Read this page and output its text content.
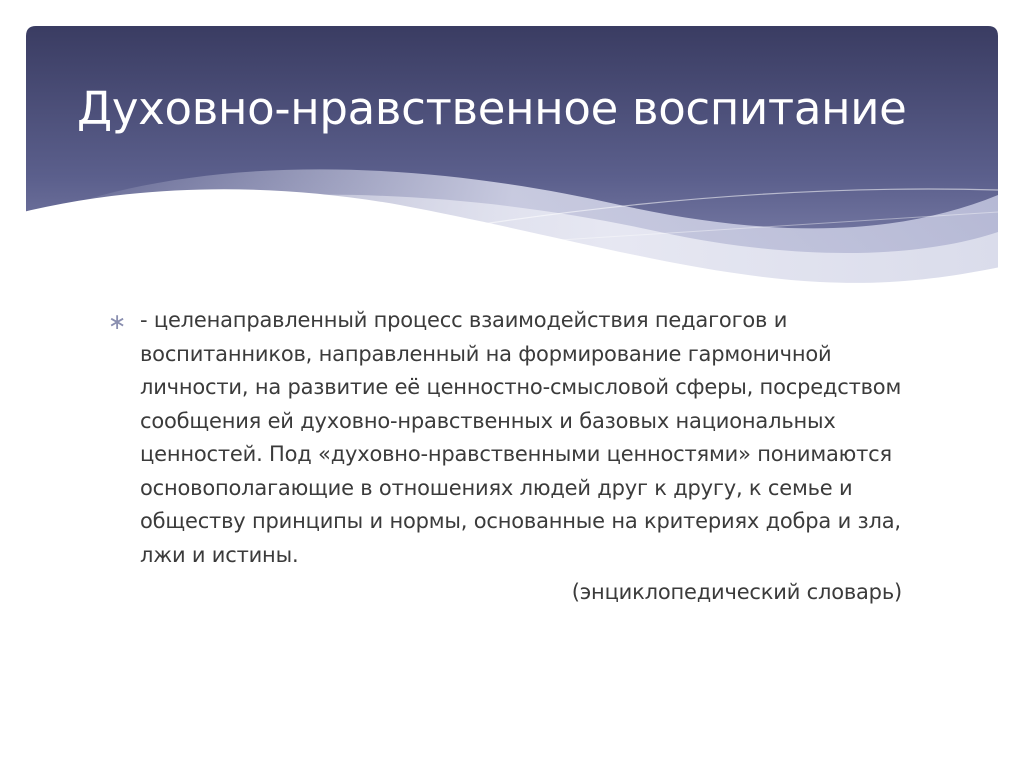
Духовно-нравственное воспитание
∗ - целенаправленный процесс взаимодействия педагогов и воспитанников, направленный на формирование гармоничной личности, на развитие её ценностно-смысловой сферы, посредством сообщения ей духовно-нравственных и базовых национальных ценностей. Под «духовно-нравственными ценностями» понимаются основополагающие в отношениях людей друг к другу, к семье и обществу принципы и нормы, основанные на критериях добра и зла, лжи и истины.
(энциклопедический словарь)
